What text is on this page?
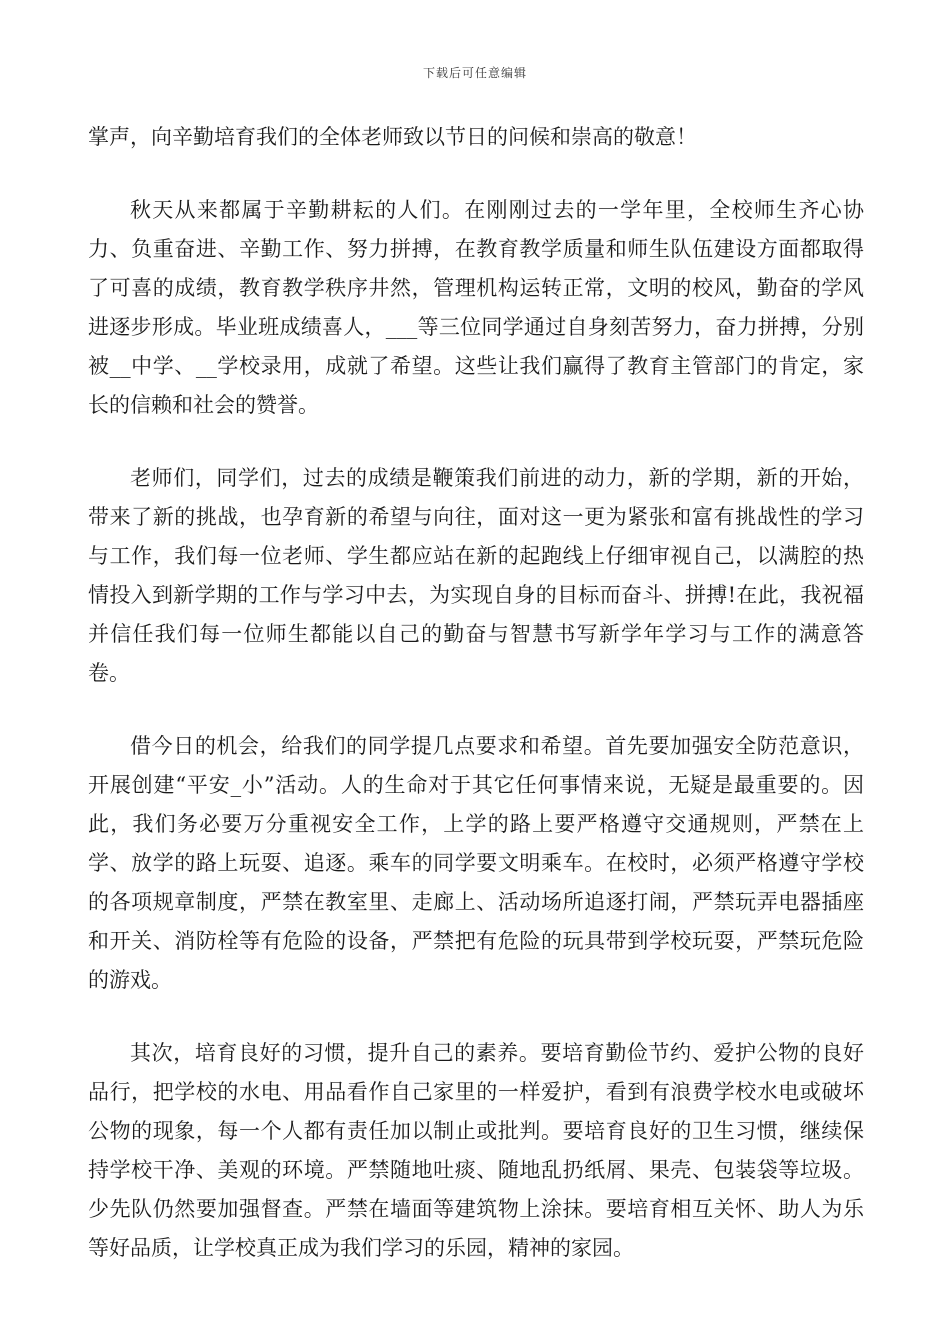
下载后可任意编辑

掌声，向辛勤培育我们的全体老师致以节日的问候和崇高的敬意！

秋天从来都属于辛勤耕耘的人们。在刚刚过去的一学年里，全校师生齐心协力、负重奋进、辛勤工作、努力拼搏，在教育教学质量和师生队伍建设方面都取得了可喜的成绩，教育教学秩序井然，管理机构运转正常，文明的校风，勤奋的学风进逐步形成。毕业班成绩喜人，___等三位同学通过自身刻苦努力，奋力拼搏，分别被__中学、__学校录用，成就了希望。这些让我们赢得了教育主管部门的肯定，家长的信赖和社会的赞誉。

老师们，同学们，过去的成绩是鞭策我们前进的动力，新的学期，新的开始，带来了新的挑战，也孕育新的希望与向往，面对这一更为紧张和富有挑战性的学习与工作，我们每一位老师、学生都应站在新的起跑线上仔细审视自己，以满腔的热情投入到新学期的工作与学习中去，为实现自身的目标而奋斗、拼搏!在此，我祝福并信任我们每一位师生都能以自己的勤奋与智慧书写新学年学习与工作的满意答卷。

借今日的机会，给我们的同学提几点要求和希望。首先要加强安全防范意识，开展创建“平安_小”活动。人的生命对于其它任何事情来说，无疑是最重要的。因此，我们务必要万分重视安全工作，上学的路上要严格遵守交通规则，严禁在上学、放学的路上玩耍、追逐。乘车的同学要文明乘车。在校时，必须严格遵守学校的各项规章制度，严禁在教室里、走廊上、活动场所追逐打闹，严禁玩弄电器插座和开关、消防栓等有危险的设备，严禁把有危险的玩具带到学校玩耍，严禁玩危险的游戏。

其次，培育良好的习惯，提升自己的素养。要培育勤俭节约、爱护公物的良好品行，把学校的水电、用品看作自己家里的一样爱护，看到有浪费学校水电或破坏公物的现象，每一个人都有责任加以制止或批判。要培育良好的卫生习惯，继续保持学校干净、美观的环境。严禁随地吐痰、随地乱扔纸屑、果壳、包装袋等垃圾。少先队仍然要加强督查。严禁在墙面等建筑物上涂抹。要培育相互关怀、助人为乐等好品质，让学校真正成为我们学习的乐园，精神的家园。
